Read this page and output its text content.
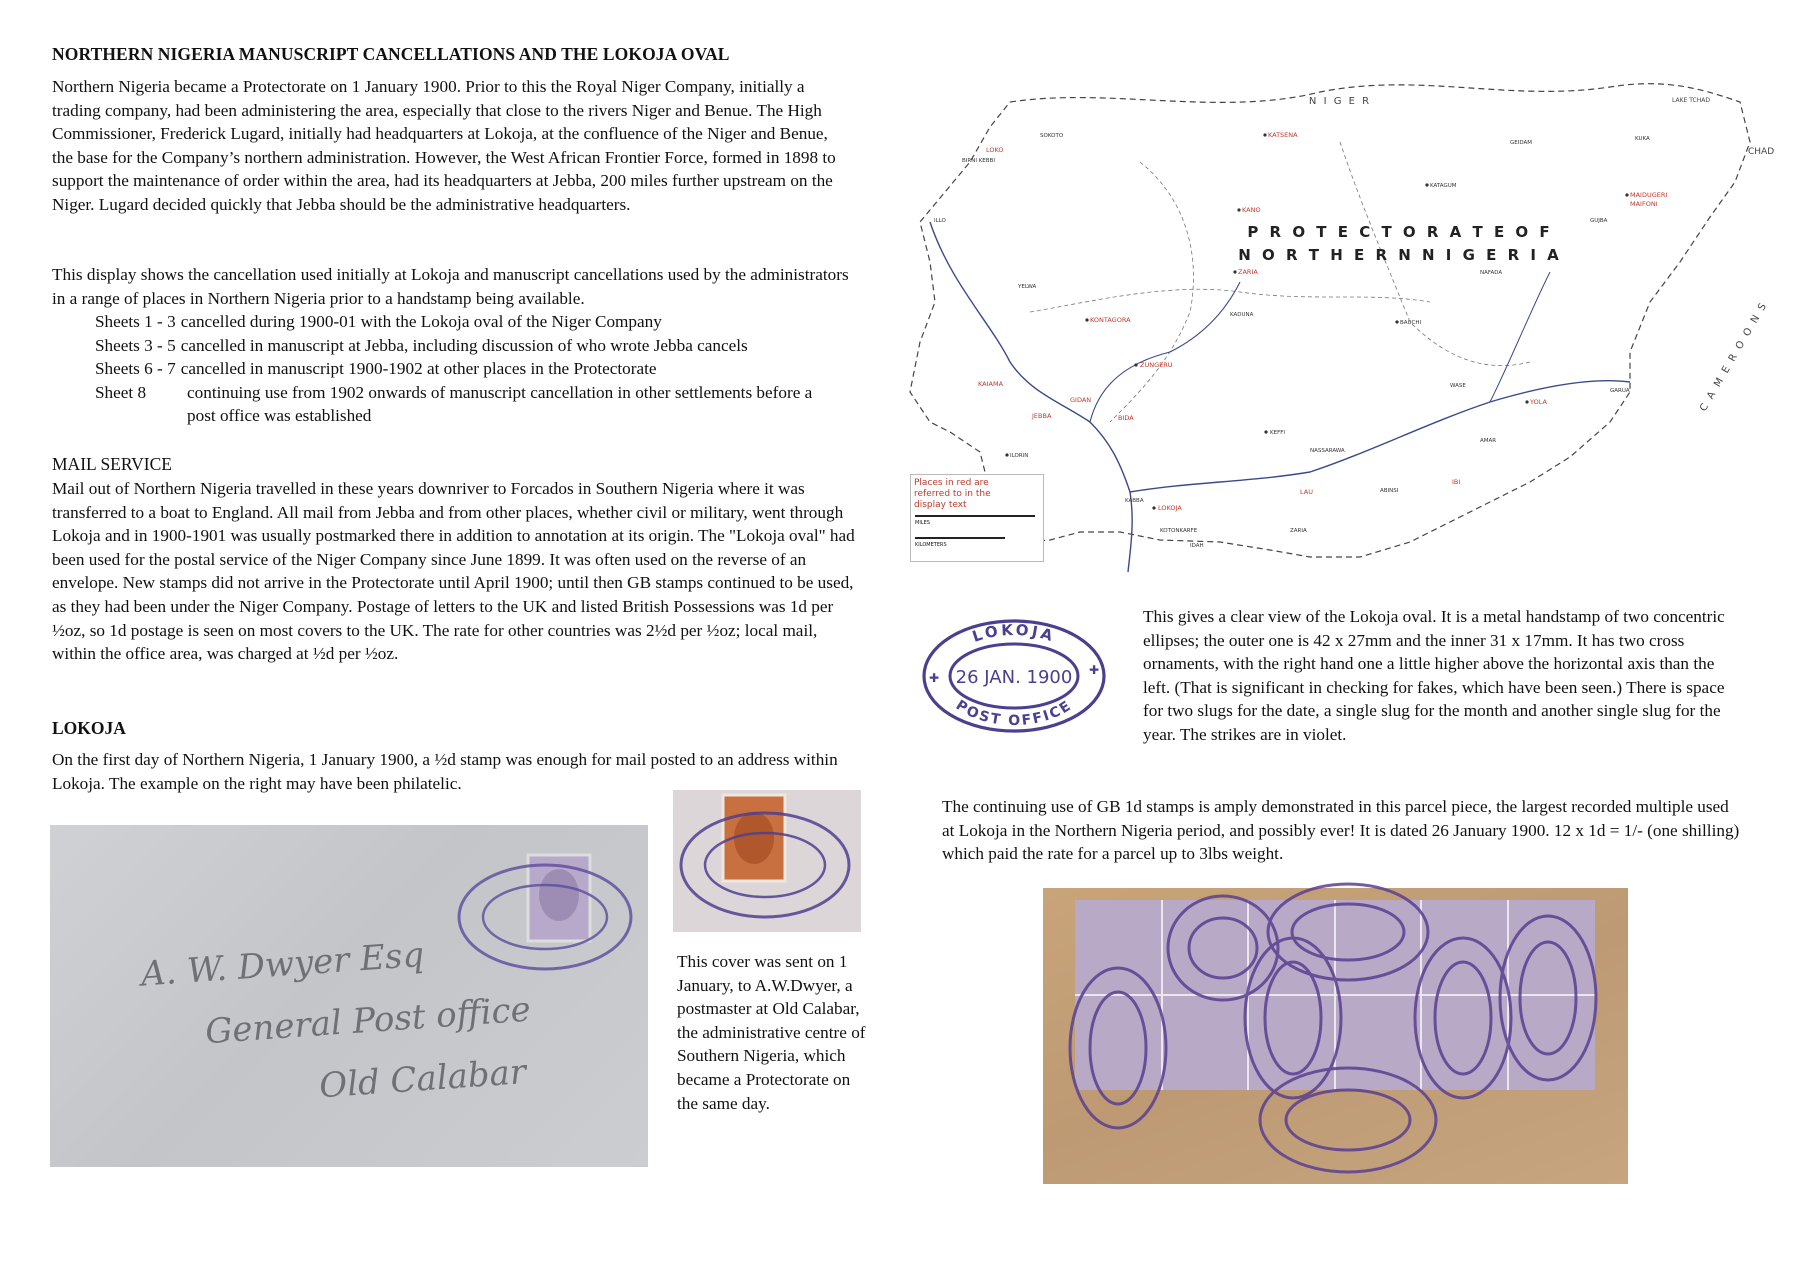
NORTHERN NIGERIA MANUSCRIPT CANCELLATIONS AND THE LOKOJA OVAL
Northern Nigeria became a Protectorate on 1 January 1900. Prior to this the Royal Niger Company, initially a trading company, had been administering the area, especially that close to the rivers Niger and Benue. The High Commissioner, Frederick Lugard, initially had headquarters at Lokoja, at the confluence of the Niger and Benue, the base for the Company’s northern administration. However, the West African Frontier Force, formed in 1898 to support the maintenance of order within the area, had its headquarters at Jebba, 200 miles further upstream on the Niger. Lugard decided quickly that Jebba should be the administrative headquarters.
This display shows the cancellation used initially at Lokoja and manuscript cancellations used by the administrators in a range of places in Northern Nigeria prior to a handstamp being available.
Sheets 1 - 3 cancelled during 1900-01 with the Lokoja oval of the Niger Company
Sheets 3 - 5 cancelled in manuscript at Jebba, including discussion of who wrote Jebba cancels
Sheets 6 - 7 cancelled in manuscript 1900-1902 at other places in the Protectorate
Sheet 8	continuing use from 1902 onwards of manuscript cancellation in other settlements before a post office was established
MAIL SERVICE
Mail out of Northern Nigeria travelled in these years downriver to Forcados in Southern Nigeria where it was transferred to a boat to England. All mail from Jebba and from other places, whether civil or military, went through Lokoja and in 1900-1901 was usually postmarked there in addition to annotation at its origin. The "Lokoja oval" had been used for the postal service of the Niger Company since June 1899. It was often used on the reverse of an envelope. New stamps did not arrive in the Protectorate until April 1900; until then GB stamps continued to be used, as they had been under the Niger Company. Postage of letters to the UK and listed British Possessions was 1d per ½oz, so 1d postage is seen on most covers to the UK. The rate for other countries was 2½d per ½oz; local mail, within the office area, was charged at ½d per ½oz.
LOKOJA
On the first day of Northern Nigeria, 1 January 1900, a ½d stamp was enough for mail posted to an address within Lokoja. The example on the right may have been philatelic.
A. W. Dwyer Esq
General Post office
Old Calabar
This cover was sent on 1 January, to A.W.Dwyer, a postmaster at Old Calabar, the administrative centre of Southern Nigeria, which became a Protectorate on the same day.
P R O T E C T O R A T E O F
N O R T H E R N N I G E R I A
N I G E R
CHAD
LAKE TCHAD
C A M E R O O N S
KATSENA
KANO
ZARIA
KONTAGORA
ZUNGERU
JEBBA	BIDA
LOKOJA
KAIAMA
MAIDUGERI
MAIFONI
LAU
YOLA
IBI
LOKO
GIDAN
SOKOTO
KATAGUM
GEIDAM
KUKA
BAUCHI
KADUNA
KEFFI
NAFADA
ILORIN
KABBA
YELWA
GUJBA
BIRNI KEBBI
ILLO
NASSARAWA
GARUA
ABINSI
AMAR
WASE
IDAH
ZARIA
KOTONKARFE
Places in red are referred to in the display text
MILES
KILOMETERS
LOKOJA
26 JAN. 1900
POST OFFICE
✚
✚
This gives a clear view of the Lokoja oval. It is a metal handstamp of two concentric ellipses; the outer one is 42 x 27mm and the inner 31 x 17mm. It has two cross ornaments, with the right hand one a little higher above the horizontal axis than the left. (That is significant in checking for fakes, which have been seen.) There is space for two slugs for the date, a single slug for the month and another single slug for the year. The strikes are in violet.
The continuing use of GB 1d stamps is amply demonstrated in this parcel piece, the largest recorded multiple used at Lokoja in the Northern Nigeria period, and possibly ever! It is dated 26 January 1900. 12 x 1d = 1/- (one shilling) which paid the rate for a parcel up to 3lbs weight.
